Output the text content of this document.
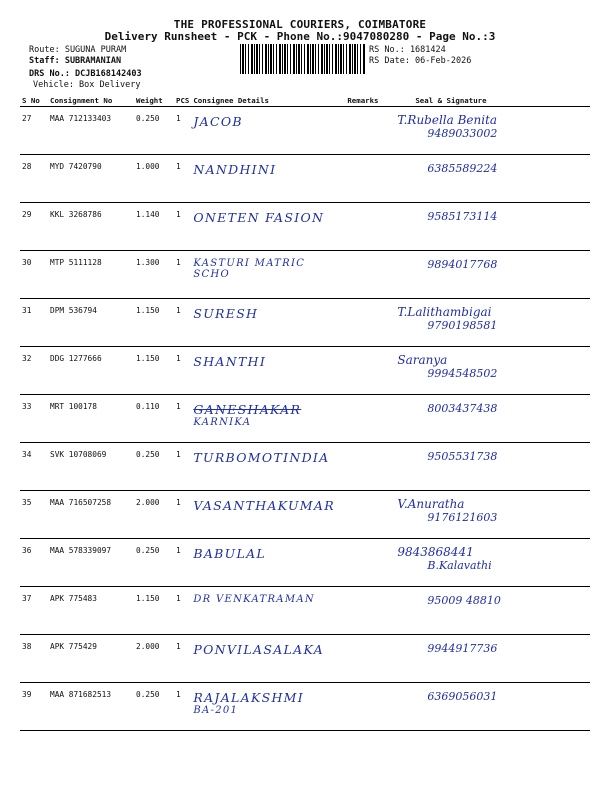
THE PROFESSIONAL COURIERS, COIMBATORE
Delivery Runsheet - PCK - Phone No.:9047080280 - Page No.:3
Route: SUGUNA PURAM
Staff: SUBRAMANIAN
DRS No.: DCJB168142403
Vehicle: Box Delivery
RS No.: 1681424
RS Date: 06-Feb-2026
S No	Consignment No	Weight	PCS	Consignee Details	Remarks	Seal & Signature
27	MAA 712133403	0.250	1	JACOB		T.Rubella Benita
9489033002

28	MYD 7420790	1.000	1	NANDHINI		6385589224

29	KKL 3268786	1.140	1	ONETEN FASION		9585173114

30	MTP 5111128	1.300	1	KASTURI MATRIC
SCHO		9894017768

31	DPM 536794	1.150	1	SURESH		T.Lalithambigai
9790198581

32	DDG 1277666	1.150	1	SHANTHI		Saranya
9994548502

33	MRT 100178	0.110	1	GANESHAKAR
KARNIKA		8003437438

34	SVK 10708069	0.250	1	TURBOMOTINDIA		9505531738

35	MAA 716507258	2.000	1	VASANTHAKUMAR		V.Anuratha
9176121603

36	MAA 578339097	0.250	1	BABULAL		9843868441
B.Kalavathi

37	APK 775483	1.150	1	DR VENKATRAMAN		95009 48810

38	APK 775429	2.000	1	PONVILASALAKA		9944917736

39	MAA 871682513	0.250	1	RAJALAKSHMI
BA-201		6369056031
